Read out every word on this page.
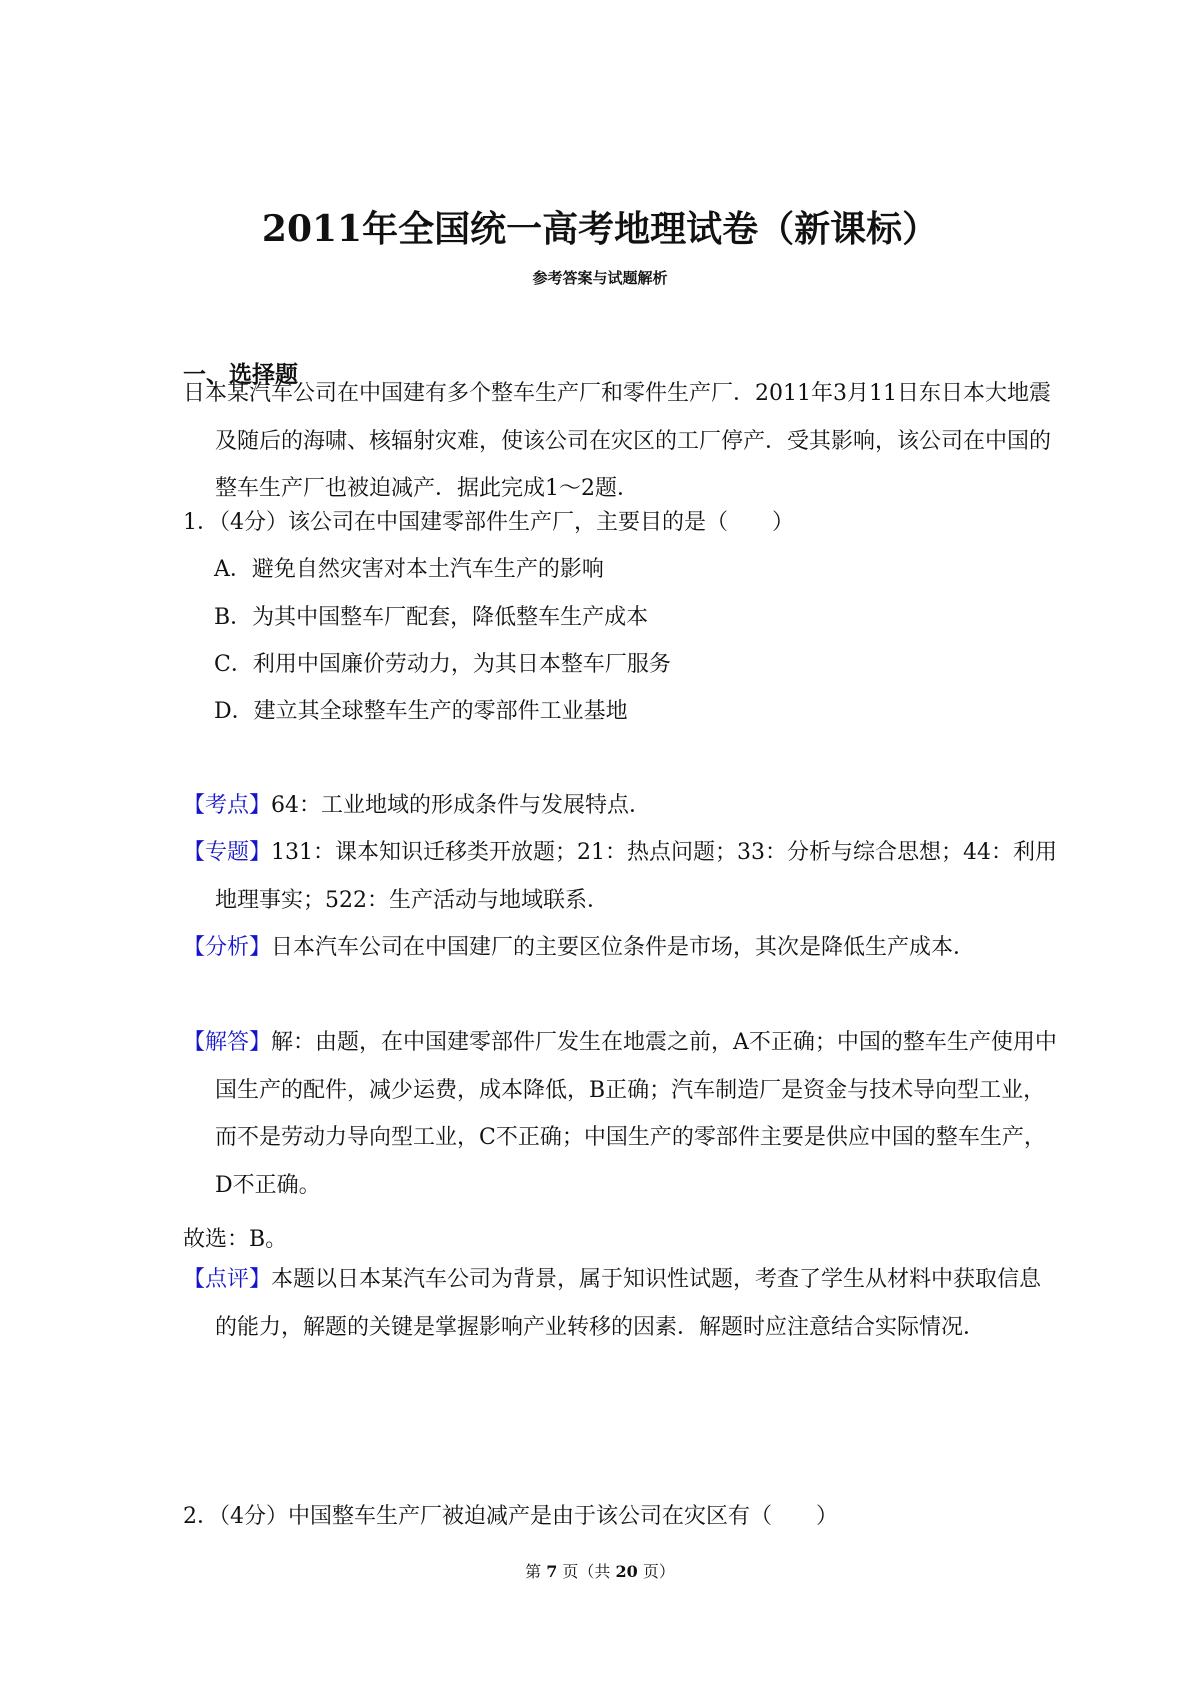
2011年全国统一高考地理试卷（新课标）
参考答案与试题解析
一、选择题
日本某汽车公司在中国建有多个整车生产厂和零件生产厂．2011年3月11日东日本大地震及随后的海啸、核辐射灾难，使该公司在灾区的工厂停产．受其影响，该公司在中国的整车生产厂也被迫减产．据此完成1～2题．
1．（4分）该公司在中国建零部件生产厂，主要目的是（　　）
A．避免自然灾害对本土汽车生产的影响
B．为其中国整车厂配套，降低整车生产成本
C．利用中国廉价劳动力，为其日本整车厂服务
D．建立其全球整车生产的零部件工业基地
【考点】64：工业地域的形成条件与发展特点．
【专题】131：课本知识迁移类开放题；21：热点问题；33：分析与综合思想；44：利用地理事实；522：生产活动与地域联系．
【分析】日本汽车公司在中国建厂的主要区位条件是市场，其次是降低生产成本．
【解答】解：由题，在中国建零部件厂发生在地震之前，A不正确；中国的整车生产使用中国生产的配件，减少运费，成本降低，B正确；汽车制造厂是资金与技术导向型工业，而不是劳动力导向型工业，C不正确；中国生产的零部件主要是供应中国的整车生产，D不正确。
故选：B。
【点评】本题以日本某汽车公司为背景，属于知识性试题，考查了学生从材料中获取信息的能力，解题的关键是掌握影响产业转移的因素．解题时应注意结合实际情况．
2．（4分）中国整车生产厂被迫减产是由于该公司在灾区有（　　）
第 7 页（共 20 页）
